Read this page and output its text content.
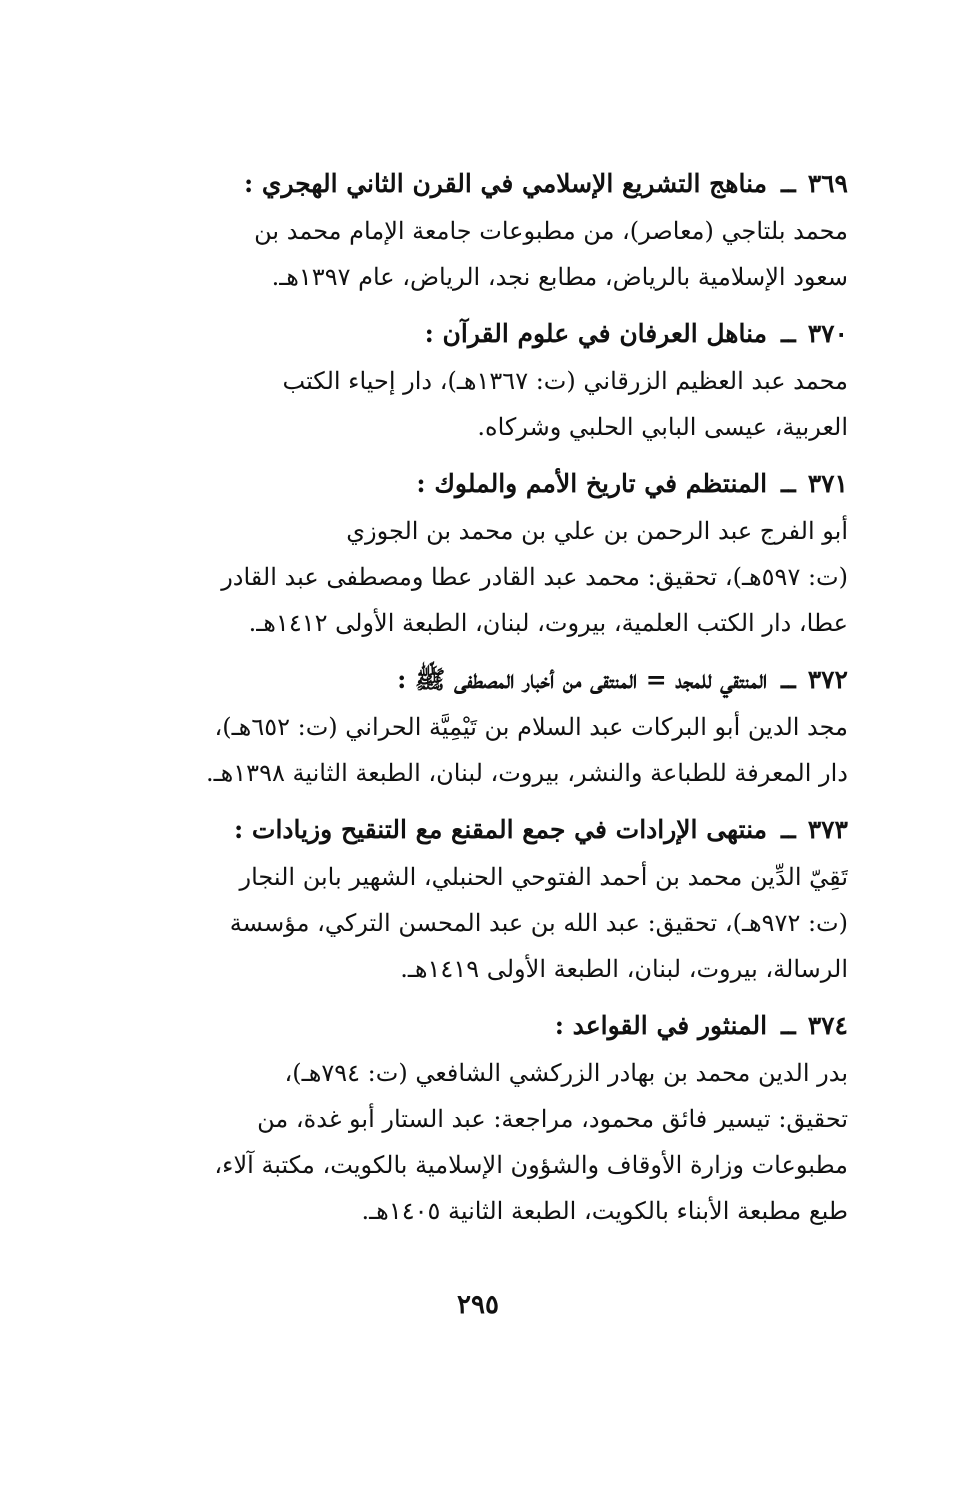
٣٦٩ــمناهج التشريع الإسلامي في القرن الثاني الهجري :
محمد بلتاجي (معاصر)، من مطبوعات جامعة الإمام محمد بن
سعود الإسلامية بالرياض، مطابع نجد، الرياض، عام ١٣٩٧هـ.
٣٧٠ــمناهل العرفان في علوم القرآن :
محمد عبد العظيم الزرقاني (ت: ١٣٦٧هـ)، دار إحياء الكتب
العربية، عيسى البابي الحلبي وشركاه.
٣٧١ــالمنتظم في تاريخ الأمم والملوك :
أبو الفرج عبد الرحمن بن علي بن محمد بن الجوزي
(ت: ٥٩٧هـ)، تحقيق: محمد عبد القادر عطا ومصطفى عبد القادر
عطا، دار الكتب العلمية، بيروت، لبنان، الطبعة الأولى ١٤١٢هـ.
٣٧٢ــالمنتقي للمجد = المنتقى من أخبار المصطفى ﷺ :
مجد الدين أبو البركات عبد السلام بن تَيْمِيَّة الحراني (ت: ٦٥٢هـ)،
دار المعرفة للطباعة والنشر، بيروت، لبنان، الطبعة الثانية ١٣٩٨هـ.
٣٧٣ــمنتهى الإرادات في جمع المقنع مع التنقيح وزيادات :
تَقِيّ الدِّين محمد بن أحمد الفتوحي الحنبلي، الشهير بابن النجار
(ت: ٩٧٢هـ)، تحقيق: عبد الله بن عبد المحسن التركي، مؤسسة
الرسالة، بيروت، لبنان، الطبعة الأولى ١٤١٩هـ.
٣٧٤ــالمنثور في القواعد :
بدر الدين محمد بن بهادر الزركشي الشافعي (ت: ٧٩٤هـ)،
تحقيق: تيسير فائق محمود، مراجعة: عبد الستار أبو غدة، من
مطبوعات وزارة الأوقاف والشؤون الإسلامية بالكويت، مكتبة آلاء،
طبع مطبعة الأبناء بالكويت، الطبعة الثانية ١٤٠٥هـ.
٢٩٥
